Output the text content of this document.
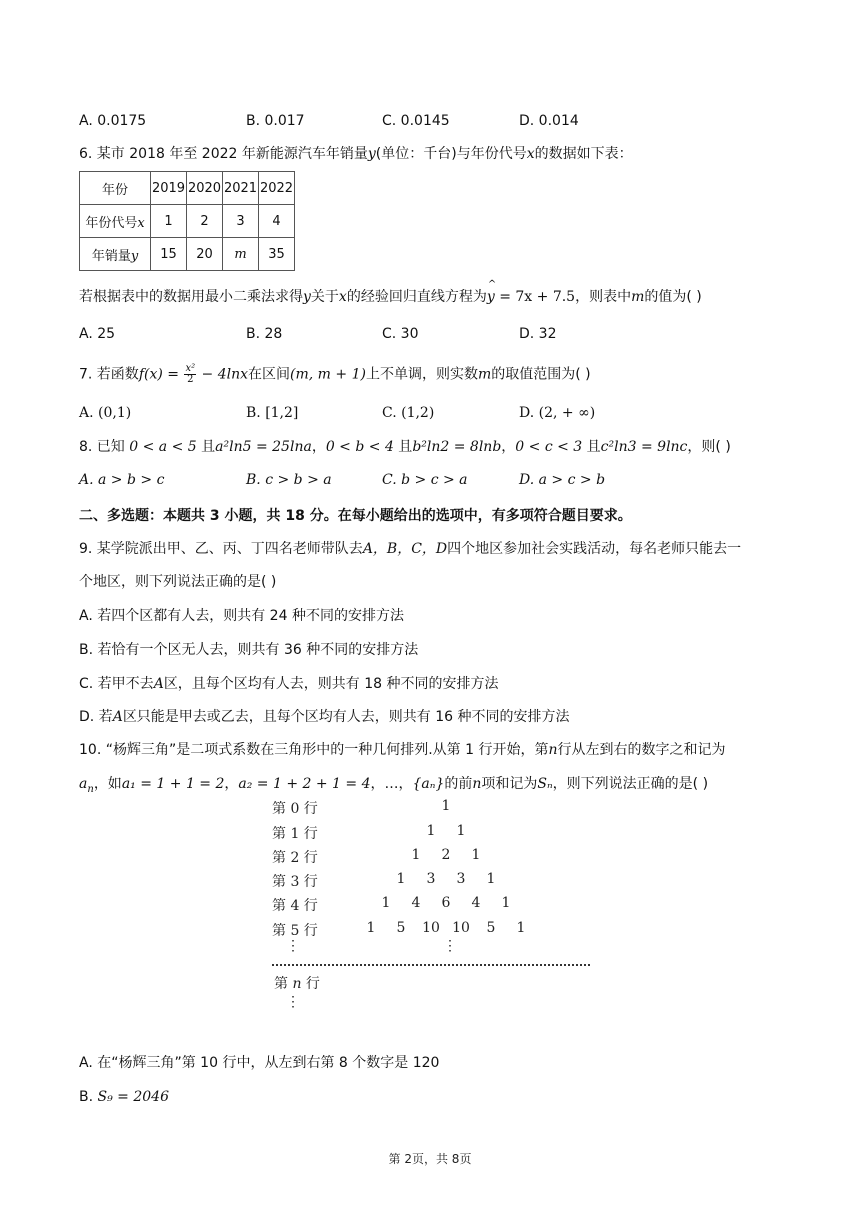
A. 0.0175	B. 0.017	C. 0.0145	D. 0.014
6. 某市 2018 年至 2022 年新能源汽车年销量y(单位：千台)与年份代号x的数据如下表：
年份	2019	2020	2021	2022
年份代号x	1	2	3	4
年销量y	15	20	m	35
若根据表中的数据用最小二乘法求得y关于x的经验回归直线方程为^ y = 7x + 7.5，则表中m的值为( )
A. 25	B. 28	C. 30	D. 32
7. 若函数$f(x) = \frac{\text{x²}}{2} - 4\ln x$在区间(m, m + 1)上不单调，则实数m的取值范围为( )
A. (0,1)	B. [1,2]	C. (1,2)	D. (2, + ∞)
8. 已知 0 < a < 5 且a²ln5 = 25lna，0 < b < 4 且b²ln2 = 8lnb，0 < c < 3 且c²ln3 = 9lnc，则( )
A. a > b > c	B. c > b > a	C. b > c > a	D. a > c > b
二、多选题：本题共 3 小题，共 18 分。在每小题给出的选项中，有多项符合题目要求。
9. 某学院派出甲、乙、丙、丁四名老师带队去A，B，C，D四个地区参加社会实践活动，每名老师只能去一
个地区，则下列说法正确的是( )
A. 若四个区都有人去，则共有 24 种不同的安排方法
B. 若恰有一个区无人去，则共有 36 种不同的安排方法
C. 若甲不去A区，且每个区均有人去，则共有 18 种不同的安排方法
D. 若A区只能是甲去或乙去，且每个区均有人去，则共有 16 种不同的安排方法
10. “杨辉三角”是二项式系数在三角形中的一种几何排列.从第 1 行开始，第n行从左到右的数字之和记为
$a_n$，如a₁ = 1 + 1 = 2，a₂ = 1 + 2 + 1 = 4，…，{aₙ}的前n项和记为Sₙ，则下列说法正确的是( )
第 0 行	1
第 1 行	1 1
第 2 行	1 2 1
第 3 行	1 3 3 1
第 4 行	1 4 6 4 1
第 5 行	1 5 10 10 5 1
⋮	⋮
第 n 行
⋮
A. 在“杨辉三角”第 10 行中，从左到右第 8 个数字是 120
B. S₉ = 2046
第 2页，共 8页
